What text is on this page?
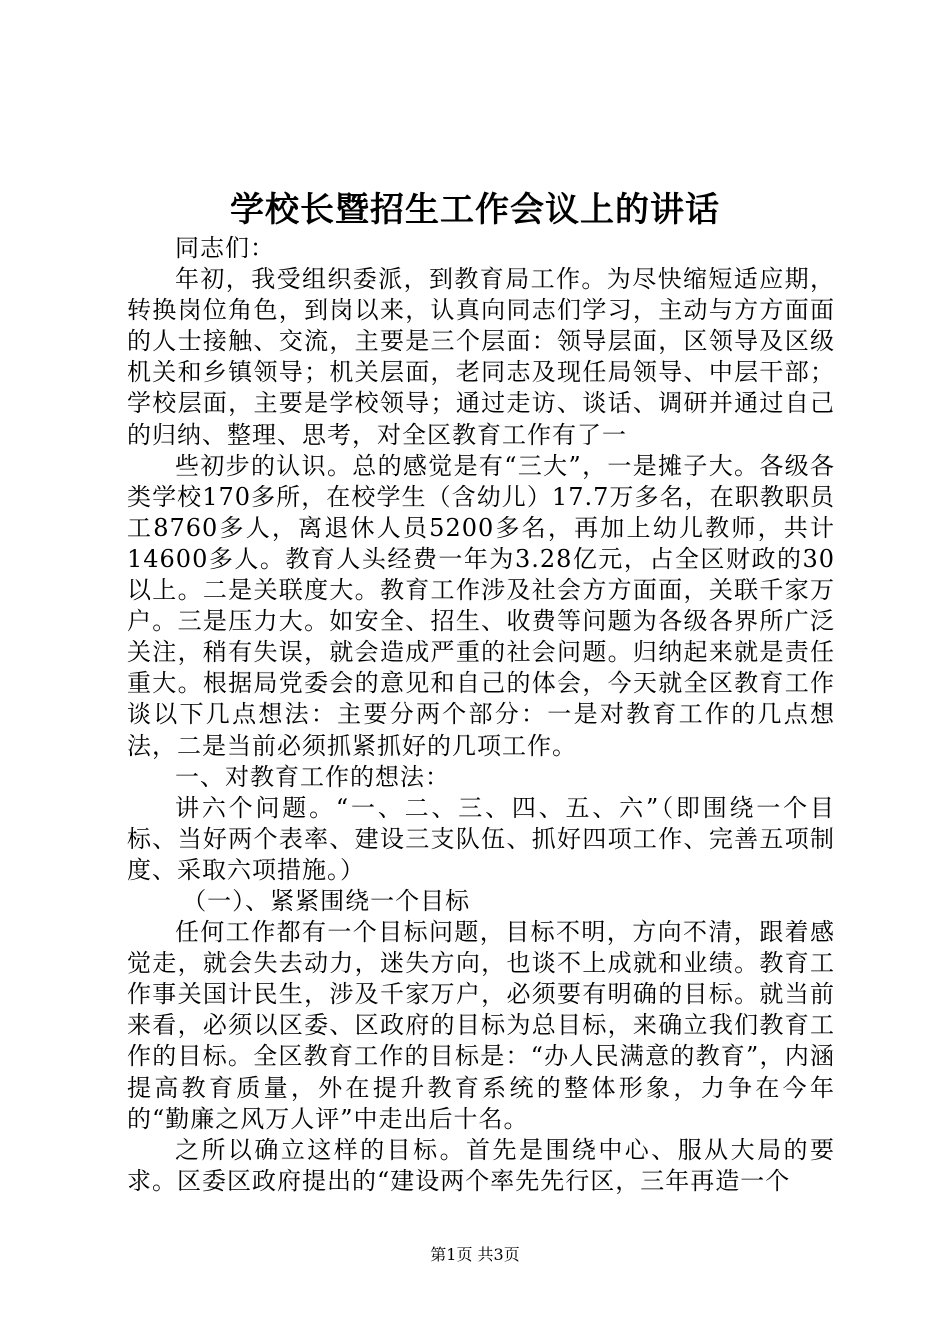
学校长暨招生工作会议上的讲话

同志们：

年初，我受组织委派，到教育局工作。为尽快缩短适应期，转换岗位角色，到岗以来，认真向同志们学习，主动与方方面面的人士接触、交流，主要是三个层面：领导层面，区领导及区级机关和乡镇领导；机关层面，老同志及现任局领导、中层干部；学校层面，主要是学校领导；通过走访、谈话、调研并通过自己的归纳、整理、思考，对全区教育工作有了一

些初步的认识。总的感觉是有“三大”，一是摊子大。各级各类学校170多所，在校学生（含幼儿）17.7万多名，在职教职员工8760多人，离退休人员5200多名，再加上幼儿教师，共计14600多人。教育人头经费一年为3.28亿元，占全区财政的30以上。二是关联度大。教育工作涉及社会方方面面，关联千家万户。三是压力大。如安全、招生、收费等问题为各级各界所广泛关注，稍有失误，就会造成严重的社会问题。归纳起来就是责任重大。根据局党委会的意见和自己的体会，今天就全区教育工作谈以下几点想法：主要分两个部分：一是对教育工作的几点想法，二是当前必须抓紧抓好的几项工作。

一、对教育工作的想法：

讲六个问题。“一、二、三、四、五、六”（即围绕一个目标、当好两个表率、建设三支队伍、抓好四项工作、完善五项制度、采取六项措施。）

（一）、紧紧围绕一个目标

任何工作都有一个目标问题，目标不明，方向不清，跟着感觉走，就会失去动力，迷失方向，也谈不上成就和业绩。教育工作事关国计民生，涉及千家万户，必须要有明确的目标。就当前来看，必须以区委、区政府的目标为总目标，来确立我们教育工作的目标。全区教育工作的目标是：“办人民满意的教育”，内涵提高教育质量，外在提升教育系统的整体形象，力争在今年的“勤廉之风万人评”中走出后十名。

之所以确立这样的目标。首先是围绕中心、服从大局的要求。区委区政府提出的“建设两个率先先行区，三年再造一个

第1页 共3页
